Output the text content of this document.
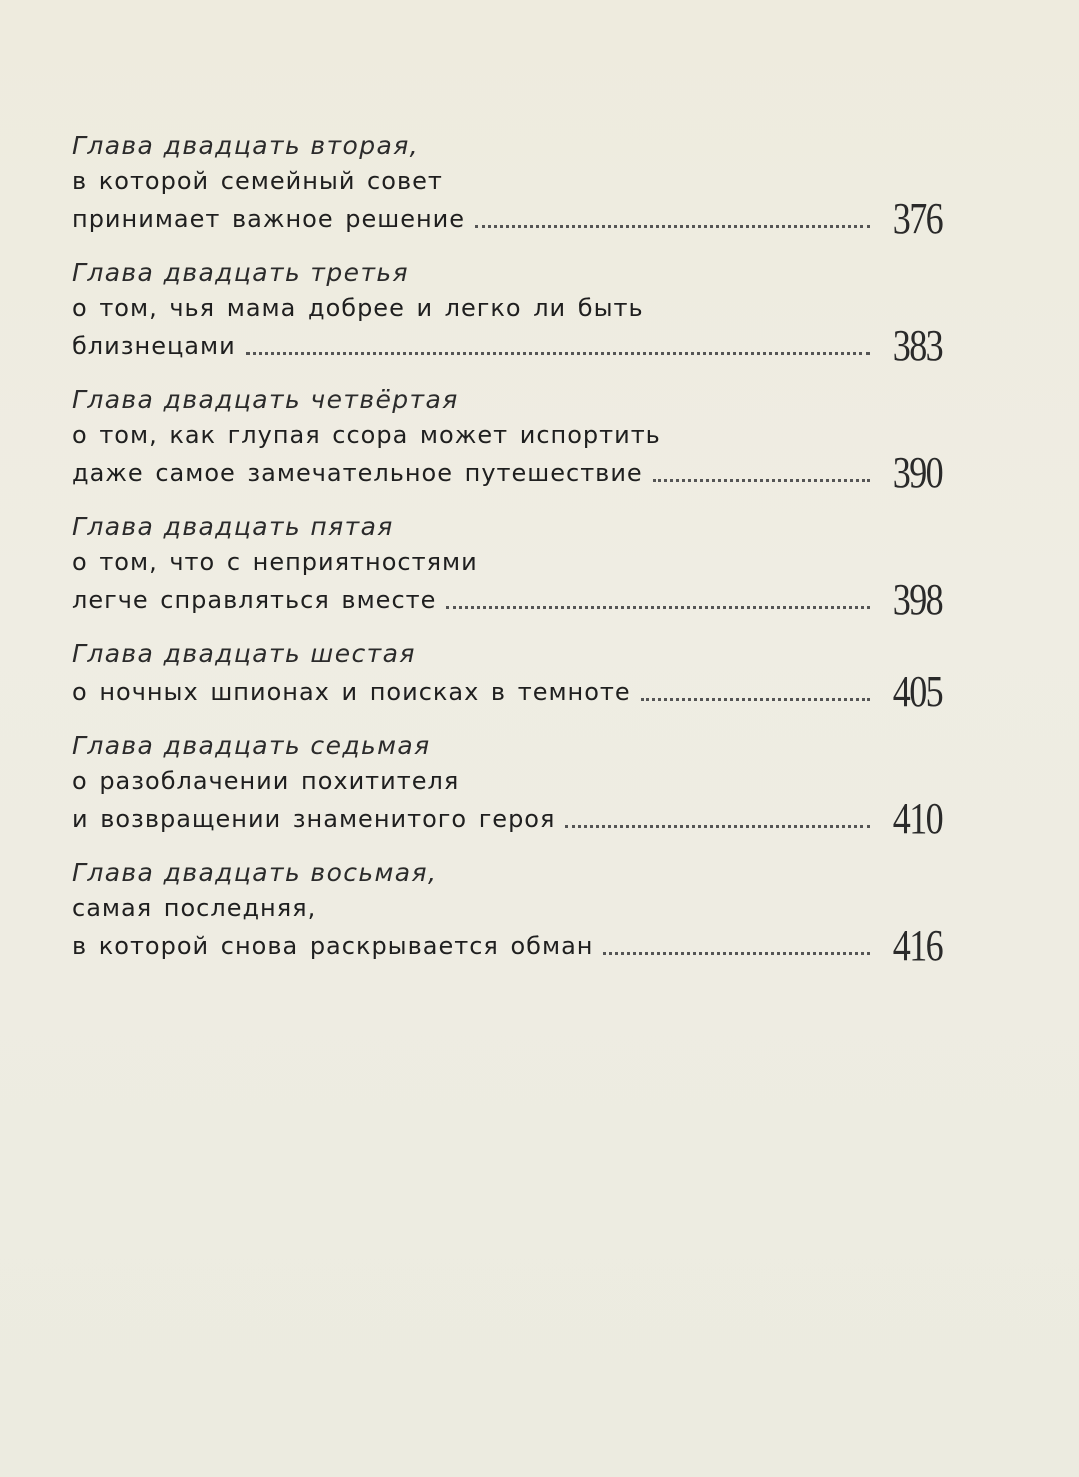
Глава двадцать вторая,

в которой семейный совет

принимает важное решение	376

Глава двадцать третья

о том, чья мама добрее и легко ли быть

близнецами	383

Глава двадцать четвёртая

о том, как глупая ссора может испортить

даже самое замечательное путешествие	390

Глава двадцать пятая

о том, что с неприятностями

легче справляться вместе	398

Глава двадцать шестая

о ночных шпионах и поисках в темноте	405

Глава двадцать седьмая

о разоблачении похитителя

и возвращении знаменитого героя	410

Глава двадцать восьмая,

самая последняя,

в которой снова раскрывается обман	416
